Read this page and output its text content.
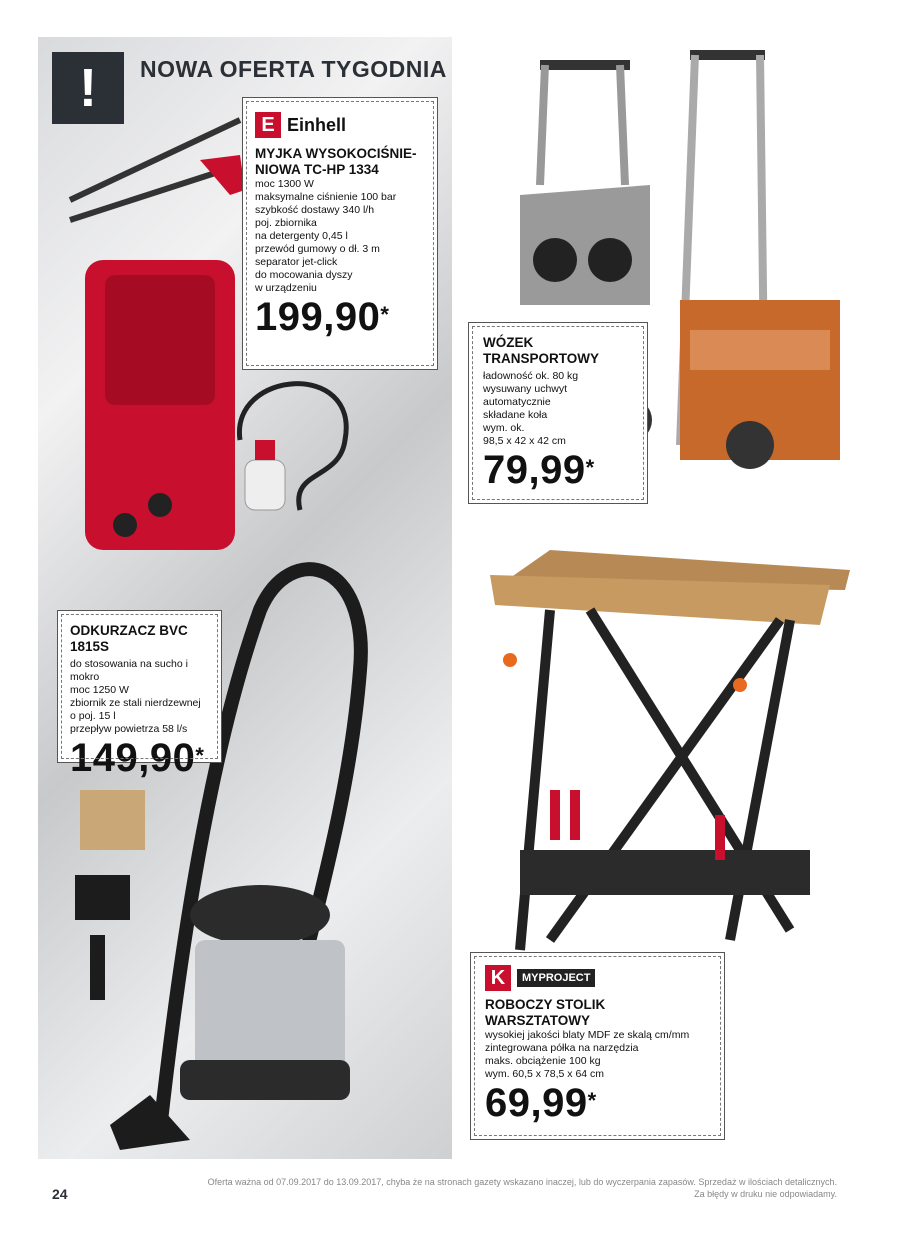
!	NOWA OFERTA TYGODNIA
E Einhell
MYJKA WYSOKOCIŚNIE-NIOWA TC-HP 1334
moc 1300 W
maksymalne ciśnienie 100 bar
szybkość dostawy 340 l/h
poj. zbiornika
na detergenty 0,45 l
przewód gumowy o dł. 3 m
separator jet-click
do mocowania dyszy
w urządzeniu
199,90*
WÓZEK TRANSPORTOWY
ładowność ok. 80 kg
wysuwany uchwyt
automatycznie
składane koła
wym. ok.
98,5 x 42 x 42 cm
79,99*
ODKURZACZ BVC 1815S
do stosowania na sucho i mokro
moc 1250 W
zbiornik ze stali nierdzewnej
o poj. 15 l
przepływ powietrza 58 l/s
149,90*
K	MYPROJECT
ROBOCZY STOLIK WARSZTATOWY
wysokiej jakości blaty MDF ze skalą cm/mm
zintegrowana półka na narzędzia
maks. obciążenie 100 kg
wym. 60,5 x 78,5 x 64 cm
69,99*
24
Oferta ważna od 07.09.2017 do 13.09.2017, chyba że na stronach gazety wskazano inaczej, lub do wyczerpania zapasów. Sprzedaż w ilościach detalicznych.
Za błędy w druku nie odpowiadamy.
